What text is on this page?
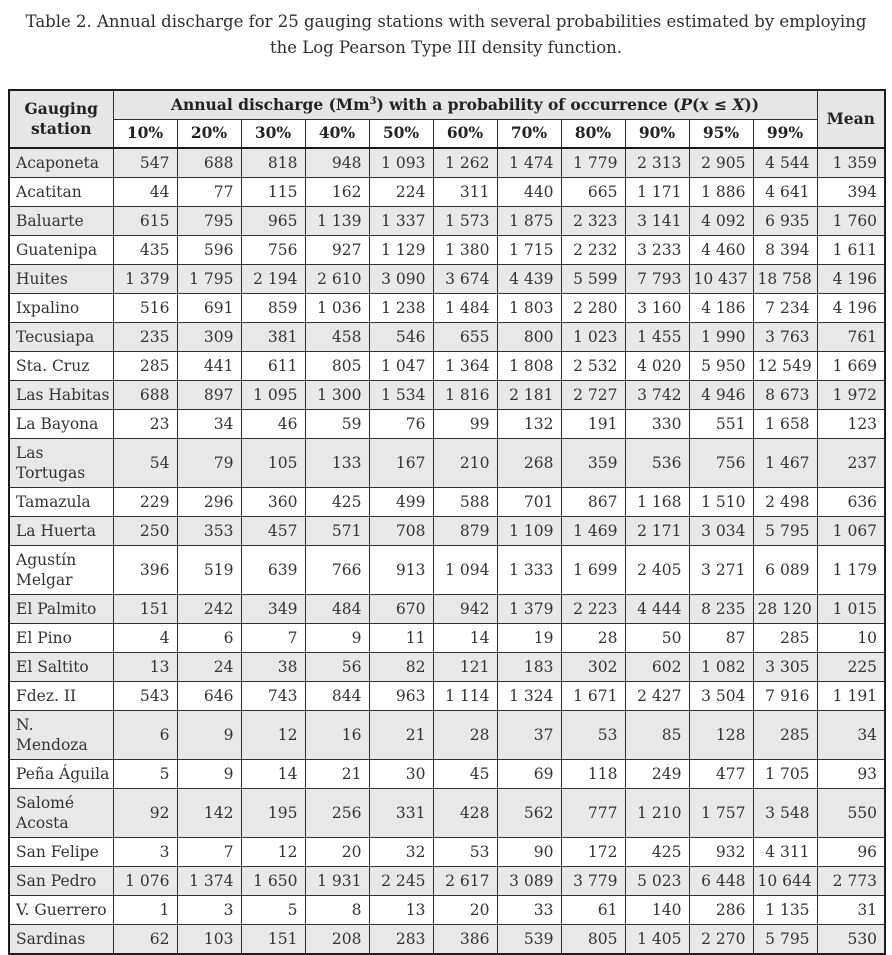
Table 2. Annual discharge for 25 gauging stations with several probabilities estimated by employing the Log Pearson Type III density function.
Gauging station	Annual discharge (Mm$^3$) with a probability of occurrence (P(x ≤ X))											Mean
	10%	20%	30%	40%	50%	60%	70%	80%	90%	95%	99%	
Acaponeta	547	688	818	948	1 093	1 262	1 474	1 779	2 313	2 905	4 544	1 359
Acatitan	44	77	115	162	224	311	440	665	1 171	1 886	4 641	394
Baluarte	615	795	965	1 139	1 337	1 573	1 875	2 323	3 141	4 092	6 935	1 760
Guatenipa	435	596	756	927	1 129	1 380	1 715	2 232	3 233	4 460	8 394	1 611
Huites	1 379	1 795	2 194	2 610	3 090	3 674	4 439	5 599	7 793	10 437	18 758	4 196
Ixpalino	516	691	859	1 036	1 238	1 484	1 803	2 280	3 160	4 186	7 234	4 196
Tecusiapa	235	309	381	458	546	655	800	1 023	1 455	1 990	3 763	761
Sta. Cruz	285	441	611	805	1 047	1 364	1 808	2 532	4 020	5 950	12 549	1 669
Las Habitas	688	897	1 095	1 300	1 534	1 816	2 181	2 727	3 742	4 946	8 673	1 972
La Bayona	23	34	46	59	76	99	132	191	330	551	1 658	123
Las Tortugas	54	79	105	133	167	210	268	359	536	756	1 467	237
Tamazula	229	296	360	425	499	588	701	867	1 168	1 510	2 498	636
La Huerta	250	353	457	571	708	879	1 109	1 469	2 171	3 034	5 795	1 067
Agustín Melgar	396	519	639	766	913	1 094	1 333	1 699	2 405	3 271	6 089	1 179
El Palmito	151	242	349	484	670	942	1 379	2 223	4 444	8 235	28 120	1 015
El Pino	4	6	7	9	11	14	19	28	50	87	285	10
El Saltito	13	24	38	56	82	121	183	302	602	1 082	3 305	225
Fdez. II	543	646	743	844	963	1 114	1 324	1 671	2 427	3 504	7 916	1 191
N. Mendoza	6	9	12	16	21	28	37	53	85	128	285	34
Peña Águila	5	9	14	21	30	45	69	118	249	477	1 705	93
Salomé Acosta	92	142	195	256	331	428	562	777	1 210	1 757	3 548	550
San Felipe	3	7	12	20	32	53	90	172	425	932	4 311	96
San Pedro	1 076	1 374	1 650	1 931	2 245	2 617	3 089	3 779	5 023	6 448	10 644	2 773
V. Guerrero	1	3	5	8	13	20	33	61	140	286	1 135	31
Sardinas	62	103	151	208	283	386	539	805	1 405	2 270	5 795	530
